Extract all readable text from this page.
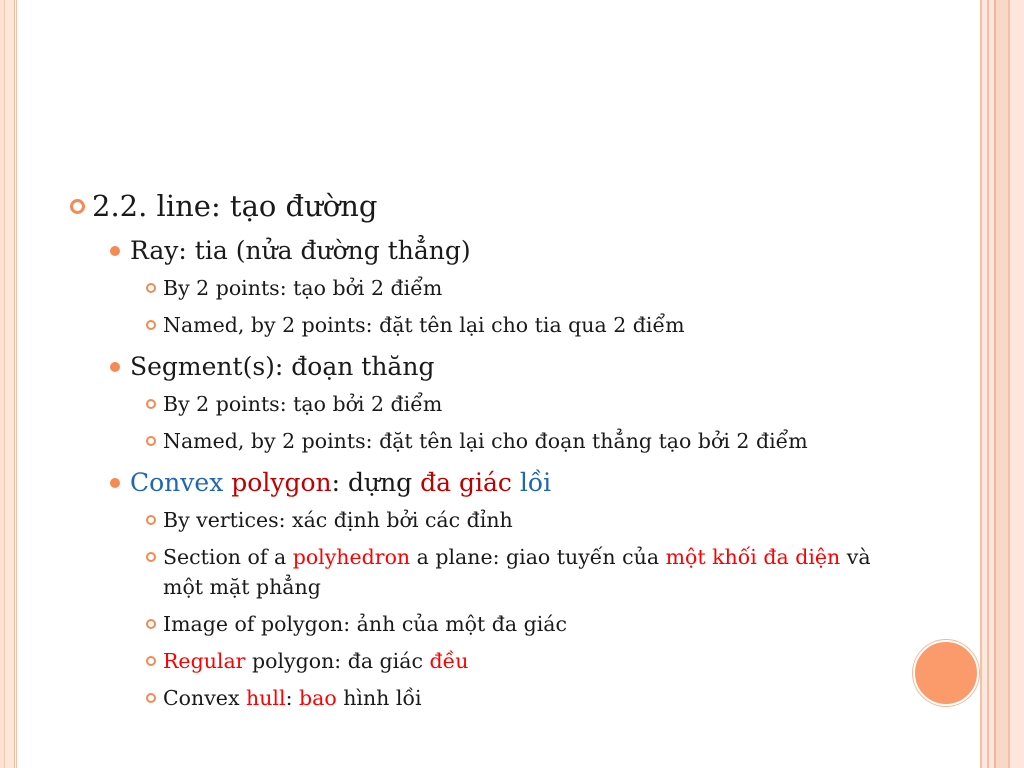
2.2. line: tạo đường
Ray: tia (nửa đường thẳng)
By 2 points: tạo bởi 2 điểm
Named, by 2 points: đặt tên lại cho tia qua 2 điểm
Segment(s): đoạn thăng
By 2 points: tạo bởi 2 điểm
Named, by 2 points: đặt tên lại cho đoạn thẳng tạo bởi 2 điểm
Convex polygon: dựng đa giác lồi
By vertices: xác định bởi các đỉnh
Section of a polyhedron a plane: giao tuyến của một khối đa diện và một mặt phẳng
Image of polygon: ảnh của một đa giác
Regular polygon: đa giác đều
Convex hull: bao hình lồi
